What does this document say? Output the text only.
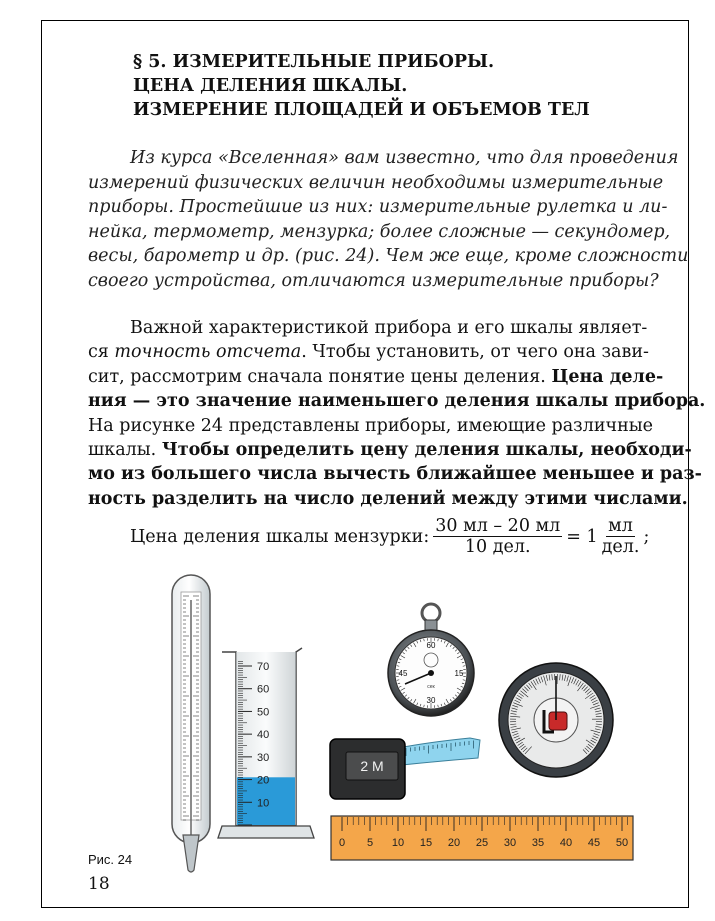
§ 5. ИЗМЕРИТЕЛЬНЫЕ ПРИБОРЫ.
ЦЕНА ДЕЛЕНИЯ ШКАЛЫ.
ИЗМЕРЕНИЕ ПЛОЩАДЕЙ И ОБЪЕМОВ ТЕЛ
Из курса «Вселенная» вам известно, что для проведения
измерений физических величин необходимы измерительные
приборы. Простейшие из них: измерительные рулетка и ли-
нейка, термометр, мензурка; более сложные — секундомер,
весы, барометр и др. (рис. 24). Чем же еще, кроме сложности
своего устройства, отличаются измерительные приборы?
Важной характеристикой прибора и его шкалы являет-
ся точность отсчета. Чтобы установить, от чего она зави-
сит, рассмотрим сначала понятие цены деления. Цена деле-
ния — это значение наименьшего деления шкалы прибора.
На рисунке 24 представлены приборы, имеющие различные
шкалы. Чтобы определить цену деления шкалы, необходи-
мо из большего числа вычесть ближайшее меньшее и раз-
ность разделить на число делений между этими числами.
Цена деления шкалы мензурки: $\frac{30 мл - 20 мл}{\text{10 дел.}} = 1 \frac{мл}{\text{дел.}}$ ;
70
60
50
40
30
20
10
60
15
30
45
сек
2 M
0 5 10 15 20 25 30 35 40 45 50
Рис. 24
18
